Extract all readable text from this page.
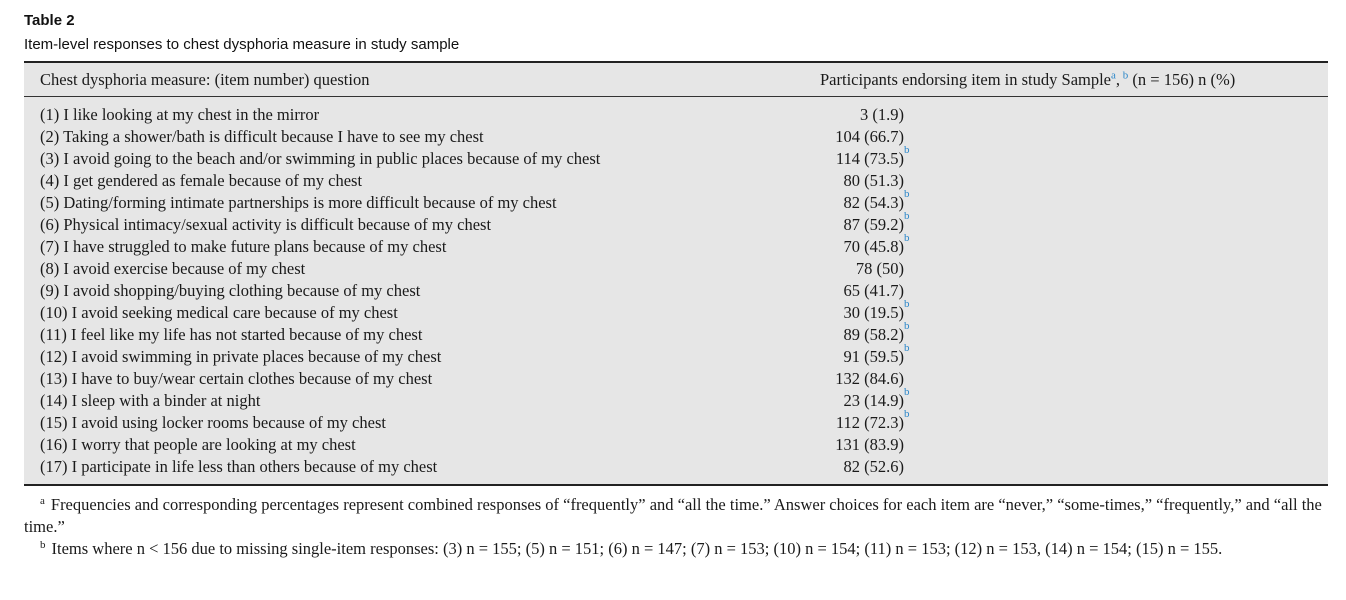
Table 2
Item-level responses to chest dysphoria measure in study sample
Chest dysphoria measure: (item number) question	Participants endorsing item in study Sample$^a$, $^b$ (n = 156) n (%)
(1) I like looking at my chest in the mirror	3 (1.9)
(2) Taking a shower/bath is difficult because I have to see my chest	104 (66.7)
(3) I avoid going to the beach and/or swimming in public places because of my chest	114 (73.5) b
(4) I get gendered as female because of my chest	80 (51.3)
(5) Dating/forming intimate partnerships is more difficult because of my chest	82 (54.3) b
(6) Physical intimacy/sexual activity is difficult because of my chest	87 (59.2) b
(7) I have struggled to make future plans because of my chest	70 (45.8) b
(8) I avoid exercise because of my chest	78 (50)
(9) I avoid shopping/buying clothing because of my chest	65 (41.7)
(10) I avoid seeking medical care because of my chest	30 (19.5) b
(11) I feel like my life has not started because of my chest	89 (58.2) b
(12) I avoid swimming in private places because of my chest	91 (59.5) b
(13) I have to buy/wear certain clothes because of my chest	132 (84.6)
(14) I sleep with a binder at night	23 (14.9) b
(15) I avoid using locker rooms because of my chest	112 (72.3) b
(16) I worry that people are looking at my chest	131 (83.9)
(17) I participate in life less than others because of my chest	82 (52.6)

$^a$ Frequencies and corresponding percentages represent combined responses of “frequently” and “all the time.” Answer choices for each item are “never,” “some-times,” “frequently,” and “all the time.”

$^b$ Items where n < 156 due to missing single-item responses: (3) n = 155; (5) n = 151; (6) n = 147; (7) n = 153; (10) n = 154; (11) n = 153; (12) n = 153, (14) n = 154; (15) n = 155.
